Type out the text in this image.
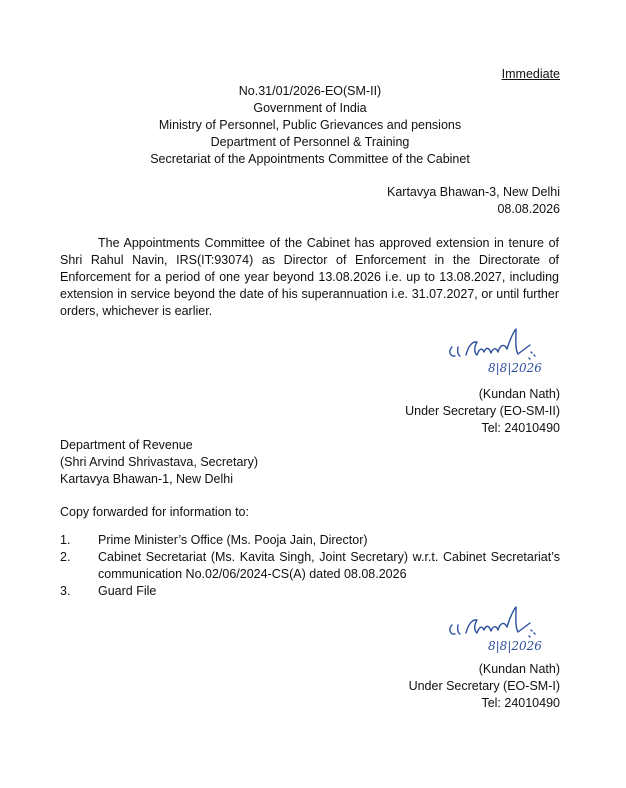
Immediate
No.31/01/2026-EO(SM-II)
Government of India
Ministry of Personnel, Public Grievances and pensions
Department of Personnel & Training
Secretariat of the Appointments Committee of the Cabinet
Kartavya Bhawan-3, New Delhi
08.08.2026
The Appointments Committee of the Cabinet has approved extension in tenure of Shri Rahul Navin, IRS(IT:93074) as Director of Enforcement in the Directorate of Enforcement for a period of one year beyond 13.08.2026 i.e. up to 13.08.2027, including extension in service beyond the date of his superannuation i.e. 31.07.2027, or until further orders, whichever is earlier.
8|8|2026
(Kundan Nath)
Under Secretary (EO-SM-II)
Tel: 24010490
Department of Revenue
(Shri Arvind Shrivastava, Secretary)
Kartavya Bhawan-1, New Delhi
Copy forwarded for information to:
1. Prime Minister’s Office (Ms. Pooja Jain, Director)
2. Cabinet Secretariat (Ms. Kavita Singh, Joint Secretary) w.r.t. Cabinet Secretariat’s communication No.02/06/2024-CS(A) dated 08.08.2026
3. Guard File
8|8|2026
(Kundan Nath)
Under Secretary (EO-SM-I)
Tel: 24010490
